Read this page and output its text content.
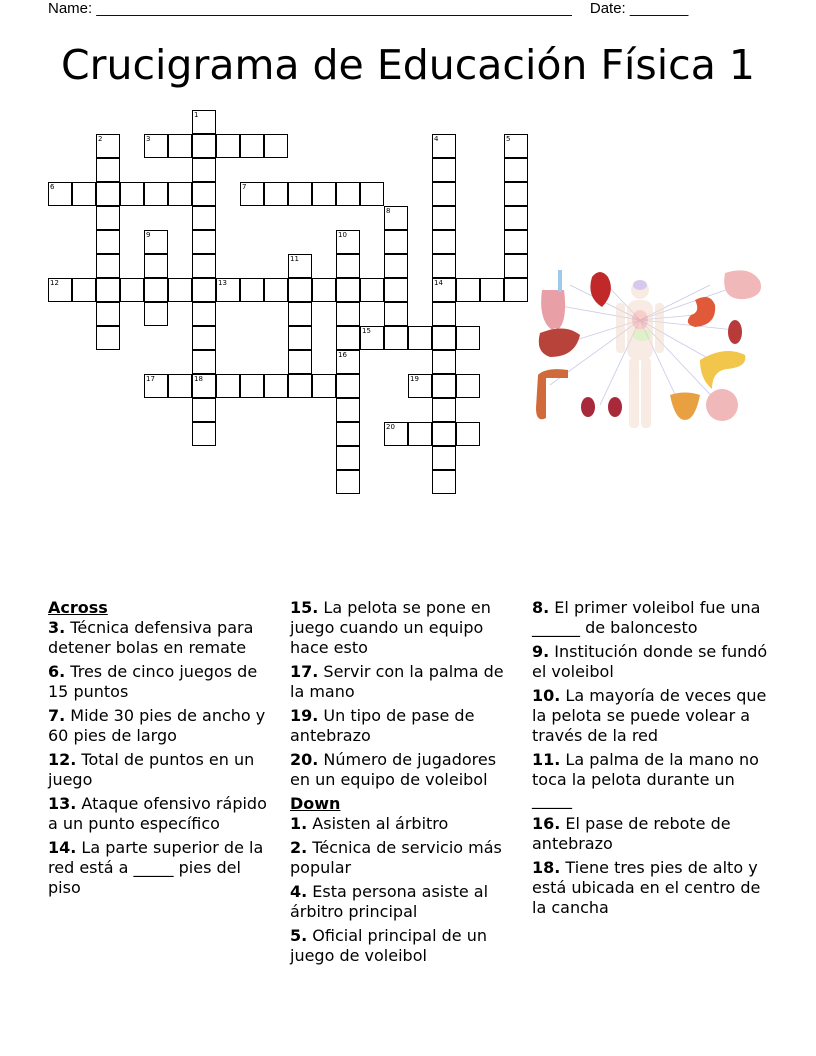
Name: _________________________________________________________ Date: _______
Crucigrama de Educación Física 1
1
18
2	3	4
14
5
6	7
8
9	10
16
11
12	13
15
17	19
20
Across
3. Técnica defensiva para detener bolas en remate
6. Tres de cinco juegos de 15 puntos
7. Mide 30 pies de ancho y 60 pies de largo
12. Total de puntos en un juego
13. Ataque ofensivo rápido a un punto específico
14. La parte superior de la red está a _____ pies del piso
15. La pelota se pone en juego cuando un equipo hace esto
17. Servir con la palma de la mano
19. Un tipo de pase de antebrazo
20. Número de jugadores en un equipo de voleibol
Down
1. Asisten al árbitro
2. Técnica de servicio más popular
4. Esta persona asiste al árbitro principal
5. Oficial principal de un juego de voleibol
8. El primer voleibol fue una ______ de baloncesto
9. Institución donde se fundó el voleibol
10. La mayoría de veces que la pelota se puede volear a través de la red
11. La palma de la mano no toca la pelota durante un _____
16. El pase de rebote de antebrazo
18. Tiene tres pies de alto y está ubicada en el centro de la cancha
